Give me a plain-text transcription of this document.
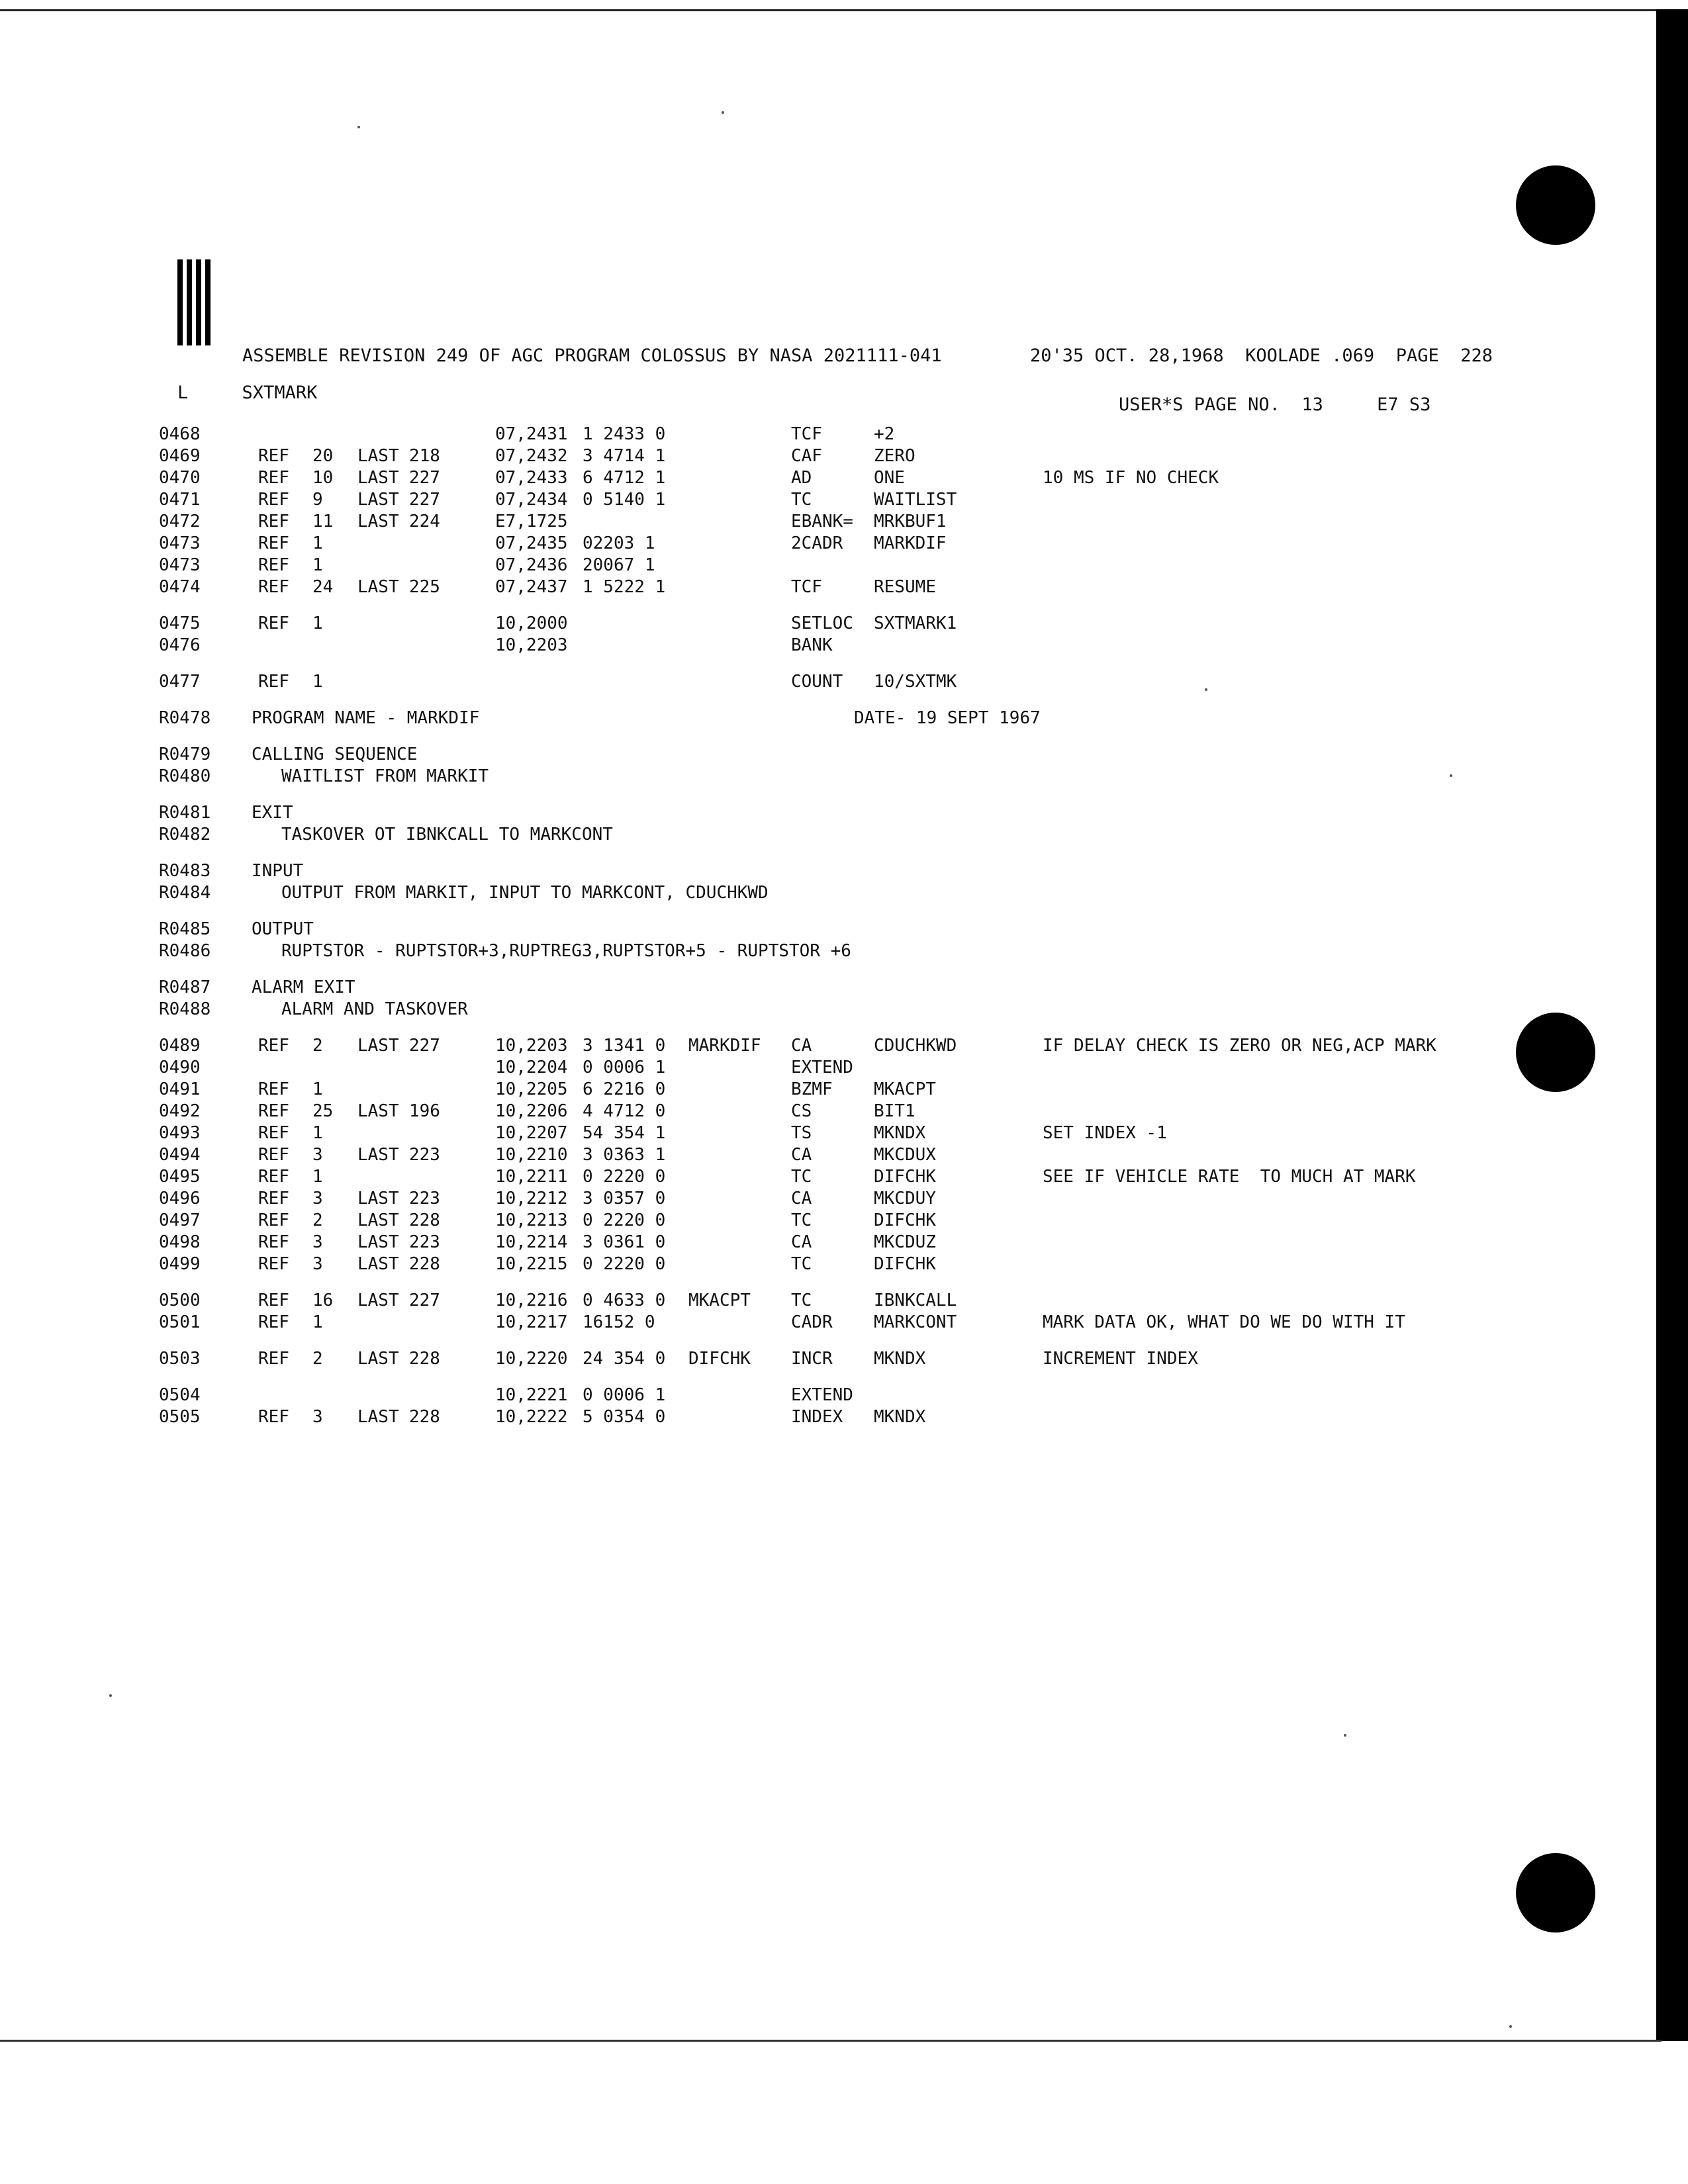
ASSEMBLE REVISION 249 OF AGC PROGRAM COLOSSUS BY NASA 2021111-041	20'35 OCT. 28,1968 KOOLADE .069 PAGE 228
L	SXTMARK
USER*S PAGE NO. 13	E7 S3
0468	07,2431 1 2433 0	TCF	+2
0469	REF 20 LAST 218	07,2432 3 4714 1	CAF	ZERO
0470	REF 10 LAST 227	07,2433 6 4712 1	AD	ONE	10 MS IF NO CHECK
0471	REF 9 LAST 227	07,2434 0 5140 1	TC	WAITLIST
0472	REF 11 LAST 224	E7,1725	EBANK= MRKBUF1
0473	REF 1	07,2435 02203 1	2CADR MARKDIF
0473	REF 1	07,2436 20067 1
0474	REF 24 LAST 225	07,2437 1 5222 1	TCF	RESUME
0475	REF 1	10,2000	SETLOC SXTMARK1
0476	10,2203	BANK
0477	REF 1	COUNT 10/SXTMK
R0478 PROGRAM NAME - MARKDIF	DATE- 19 SEPT 1967
R0479 CALLING SEQUENCE
R0480	WAITLIST FROM MARKIT
R0481 EXIT
R0482	TASKOVER OT IBNKCALL TO MARKCONT
R0483 INPUT
R0484	OUTPUT FROM MARKIT, INPUT TO MARKCONT, CDUCHKWD
R0485 OUTPUT
R0486	RUPTSTOR - RUPTSTOR+3,RUPTREG3,RUPTSTOR+5 - RUPTSTOR +6
R0487 ALARM EXIT
R0488	ALARM AND TASKOVER
0489	REF 2 LAST 227	10,2203 3 1341 0 MARKDIF CA	CDUCHKWD	IF DELAY CHECK IS ZERO OR NEG,ACP MARK
0490	10,2204 0 0006 1	EXTEND
0491	REF 1	10,2205 6 2216 0	BZMF MKACPT
0492	REF 25 LAST 196	10,2206 4 4712 0	CS	BIT1
0493	REF 1	10,2207 54 354 1	TS	MKNDX	SET INDEX -1
0494	REF 3 LAST 223	10,2210 3 0363 1	CA	MKCDUX
0495	REF 1	10,2211 0 2220 0	TC	DIFCHK	SEE IF VEHICLE RATE  TO MUCH AT MARK
0496	REF 3 LAST 223	10,2212 3 0357 0	CA	MKCDUY
0497	REF 2 LAST 228	10,2213 0 2220 0	TC	DIFCHK
0498	REF 3 LAST 223	10,2214 3 0361 0	CA	MKCDUZ
0499	REF 3 LAST 228	10,2215 0 2220 0	TC	DIFCHK
0500	REF 16 LAST 227	10,2216 0 4633 0 MKACPT TC	IBNKCALL
0501	REF 1	10,2217 16152 0	CADR MARKCONT	MARK DATA OK, WHAT DO WE DO WITH IT
0503	REF 2 LAST 228	10,2220 24 354 0 DIFCHK INCR MKNDX	INCREMENT INDEX
0504	10,2221 0 0006 1	EXTEND
0505	REF 3 LAST 228	10,2222 5 0354 0	INDEX MKNDX
